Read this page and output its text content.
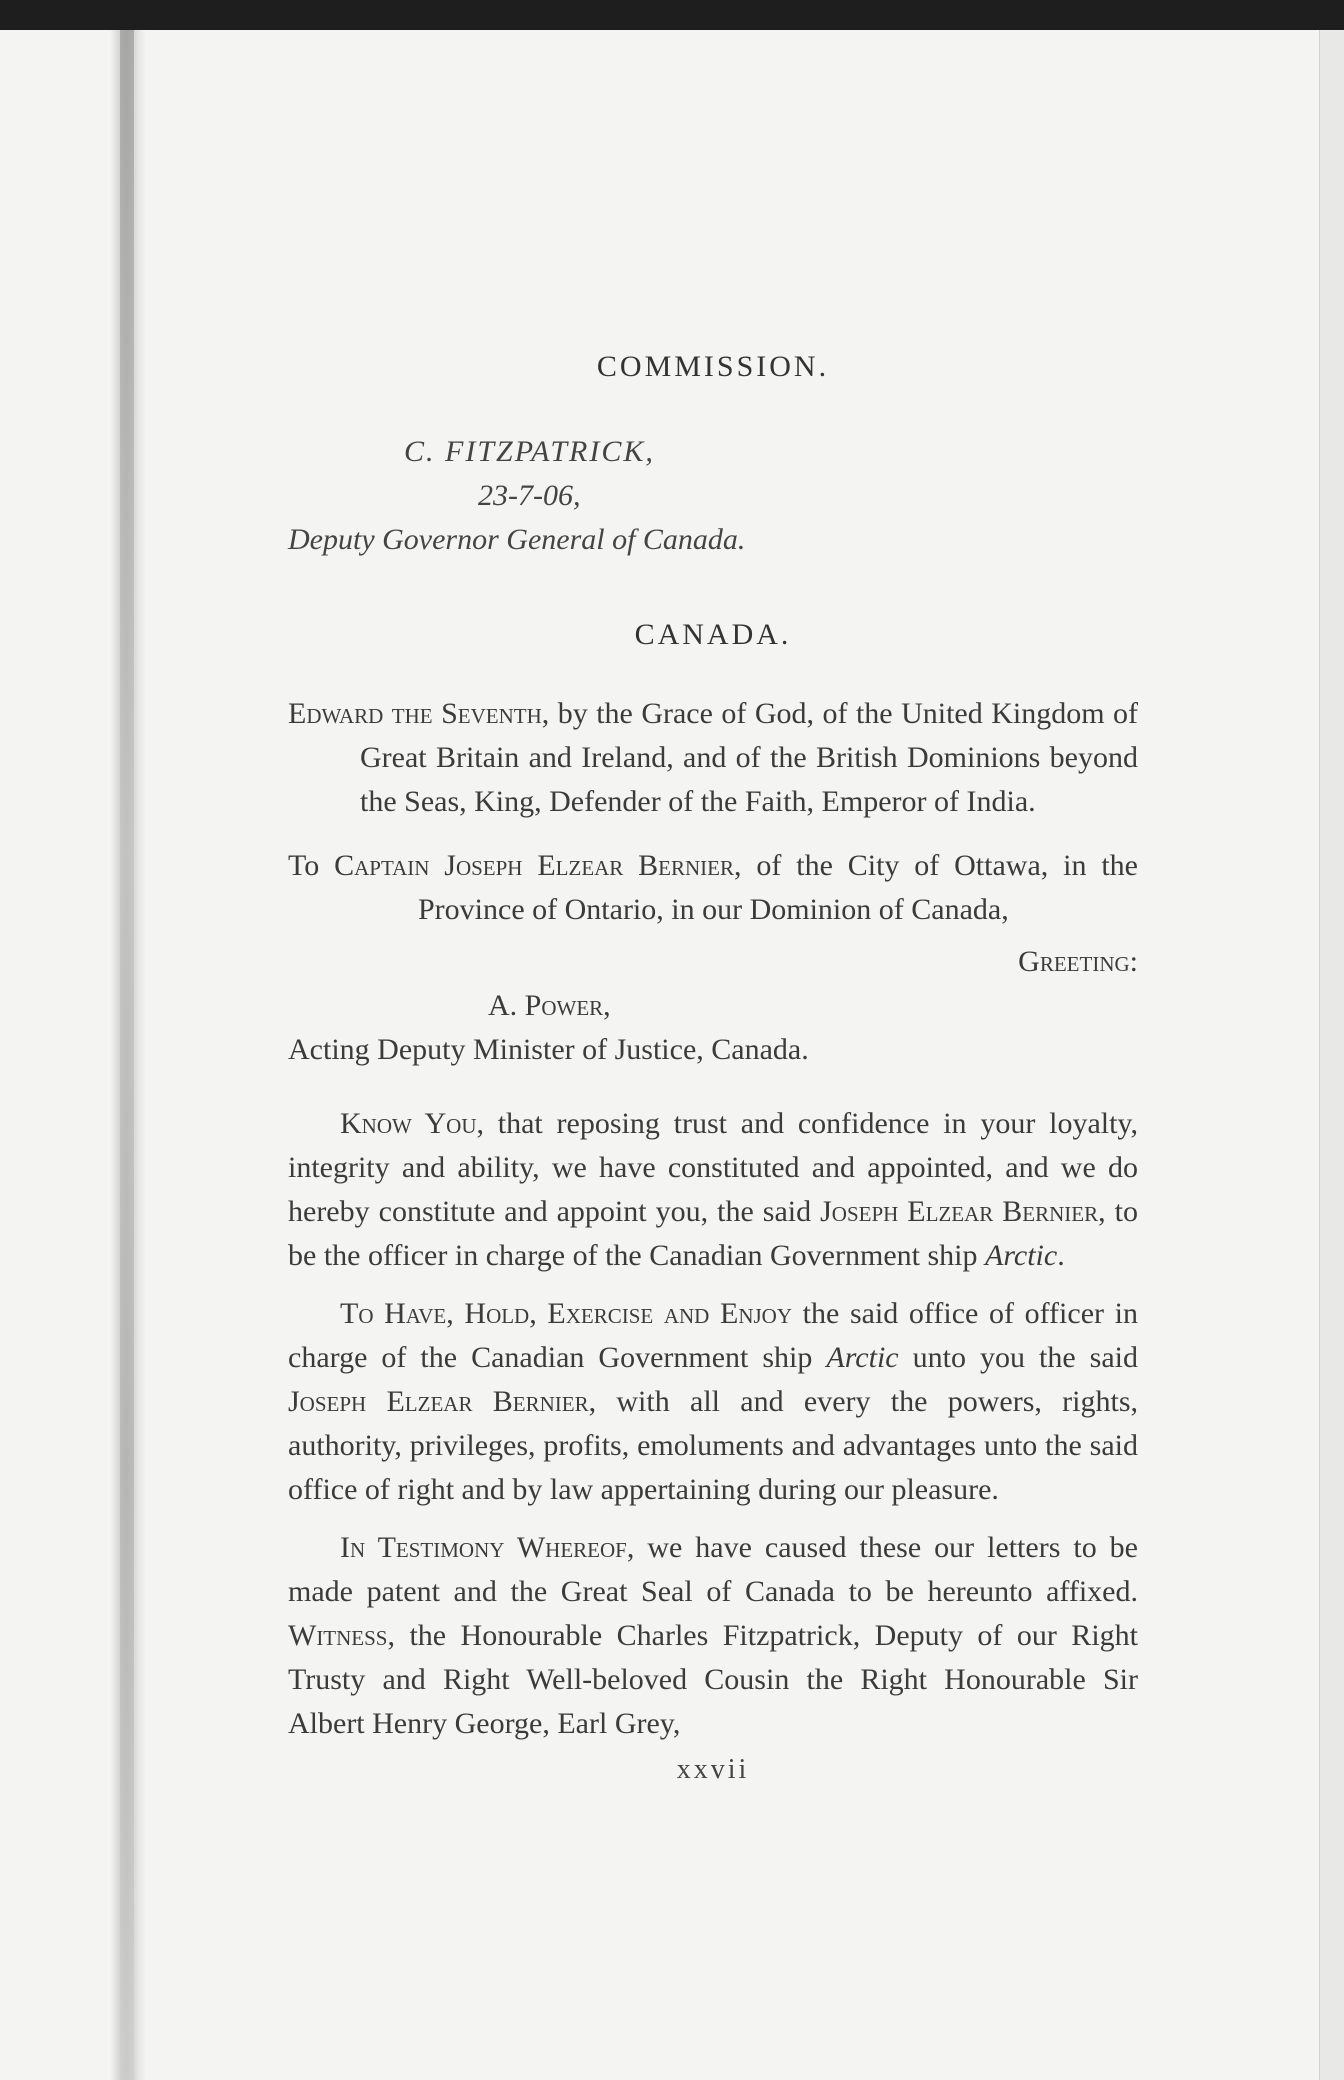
COMMISSION.

C. FITZPATRICK,

23-7-06,

Deputy Governor General of Canada.

CANADA.

Edward the Seventh, by the Grace of God, of the United Kingdom of Great Britain and Ireland, and of the British Dominions beyond the Seas, King, Defender of the Faith, Emperor of India.

To Captain Joseph Elzear Bernier, of the City of Ottawa, in the Province of Ontario, in our Dominion of Canada,

Greeting:

A. Power,

Acting Deputy Minister of Justice, Canada.

Know You, that reposing trust and confidence in your loyalty, integrity and ability, we have constituted and appointed, and we do hereby constitute and appoint you, the said Joseph Elzear Bernier, to be the officer in charge of the Canadian Government ship Arctic.

To Have, Hold, Exercise and Enjoy the said office of officer in charge of the Canadian Government ship Arctic unto you the said Joseph Elzear Bernier, with all and every the powers, rights, authority, privileges, profits, emoluments and advantages unto the said office of right and by law appertaining during our pleasure.

In Testimony Whereof, we have caused these our letters to be made patent and the Great Seal of Canada to be hereunto affixed. Witness, the Honourable Charles Fitzpatrick, Deputy of our Right Trusty and Right Well-beloved Cousin the Right Honourable Sir Albert Henry George, Earl Grey,

xxvii
